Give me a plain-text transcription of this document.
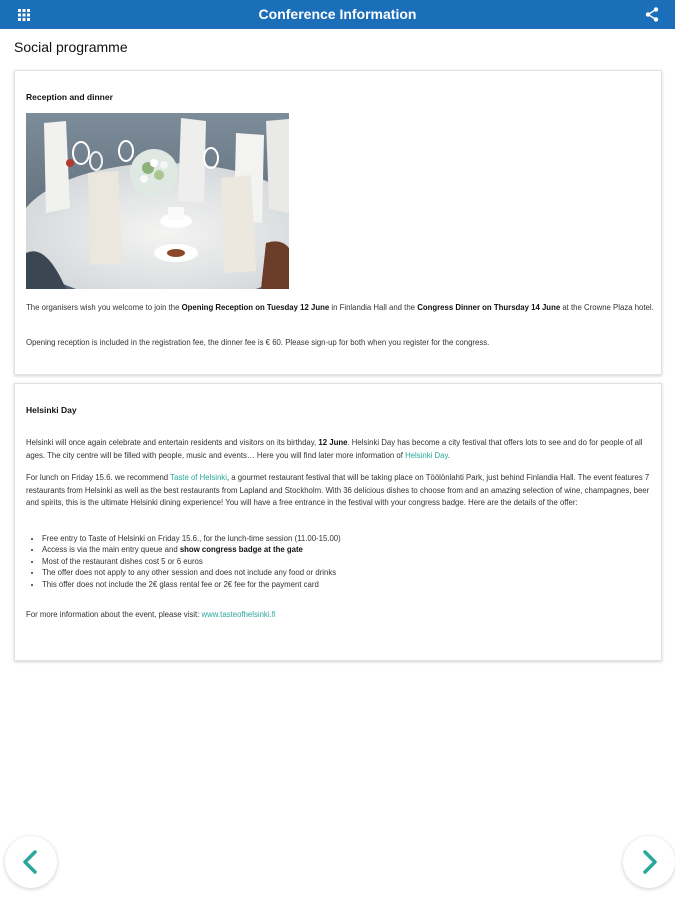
Conference Information
Social programme
Reception and dinner

The organisers wish you welcome to join the Opening Reception on Tuesday 12 June in Finlandia Hall and the Congress Dinner on Thursday 14 June at the Crowne Plaza hotel.

Opening reception is included in the registration fee, the dinner fee is € 60. Please sign-up for both when you register for the congress.

Helsinki Day

Helsinki will once again celebrate and entertain residents and visitors on its birthday, 12 June. Helsinki Day has become a city festival that offers lots to see and do for people of all ages. The city centre will be filled with people, music and events… Here you will find later more information of Helsinki Day.

For lunch on Friday 15.6. we recommend Taste of Helsinki, a gourmet restaurant festival that will be taking place on Töölönlahti Park, just behind Finlandia Hall. The event features 7 restaurants from Helsinki as well as the best restaurants from Lapland and Stockholm. With 36 delicious dishes to choose from and an amazing selection of wine, champagnes, beer and spirits, this is the ultimate Helsinki dining experience! You will have a free entrance in the festival with your congress badge. Here are the details of the offer:

• Free entry to Taste of Helsinki on Friday 15.6., for the lunch-time session (11.00-15.00)
• Access is via the main entry queue and show congress badge at the gate
• Most of the restaurant dishes cost 5 or 6 euros
• The offer does not apply to any other session and does not include any food or drinks
• This offer does not include the 2€ glass rental fee or 2€ fee for the payment card

For more information about the event, please visit: www.tasteofhelsinki.fi
